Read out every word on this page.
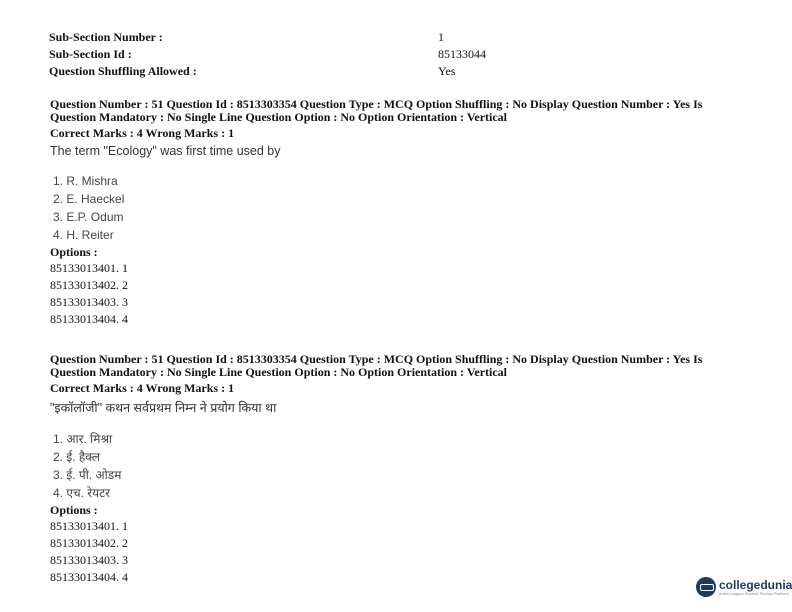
Sub-Section Number :	1
Sub-Section Id :	85133044
Question Shuffling Allowed :	Yes
Question Number : 51 Question Id : 8513303354 Question Type : MCQ Option Shuffling : No Display Question Number : Yes Is
Question Mandatory : No Single Line Question Option : No Option Orientation : Vertical
Correct Marks : 4 Wrong Marks : 1
The term "Ecology" was first time used by
1. R. Mishra
2. E. Haeckel
3. E.P. Odum
4. H. Reiter
Options :
85133013401. 1
85133013402. 2
85133013403. 3
85133013404. 4
Question Number : 51 Question Id : 8513303354 Question Type : MCQ Option Shuffling : No Display Question Number : Yes Is
Question Mandatory : No Single Line Question Option : No Option Orientation : Vertical
Correct Marks : 4 Wrong Marks : 1
"इकॉलॉजी" कथन सर्वप्रथम निम्न ने प्रयोग किया था
1. आर. मिश्रा
2. ई. हैक्ल
3. ई. पी. ओडम
4. एच. रेयटर
Options :
85133013401. 1
85133013402. 2
85133013403. 3
85133013404. 4
collegedunia
India's largest Student Review Platform
